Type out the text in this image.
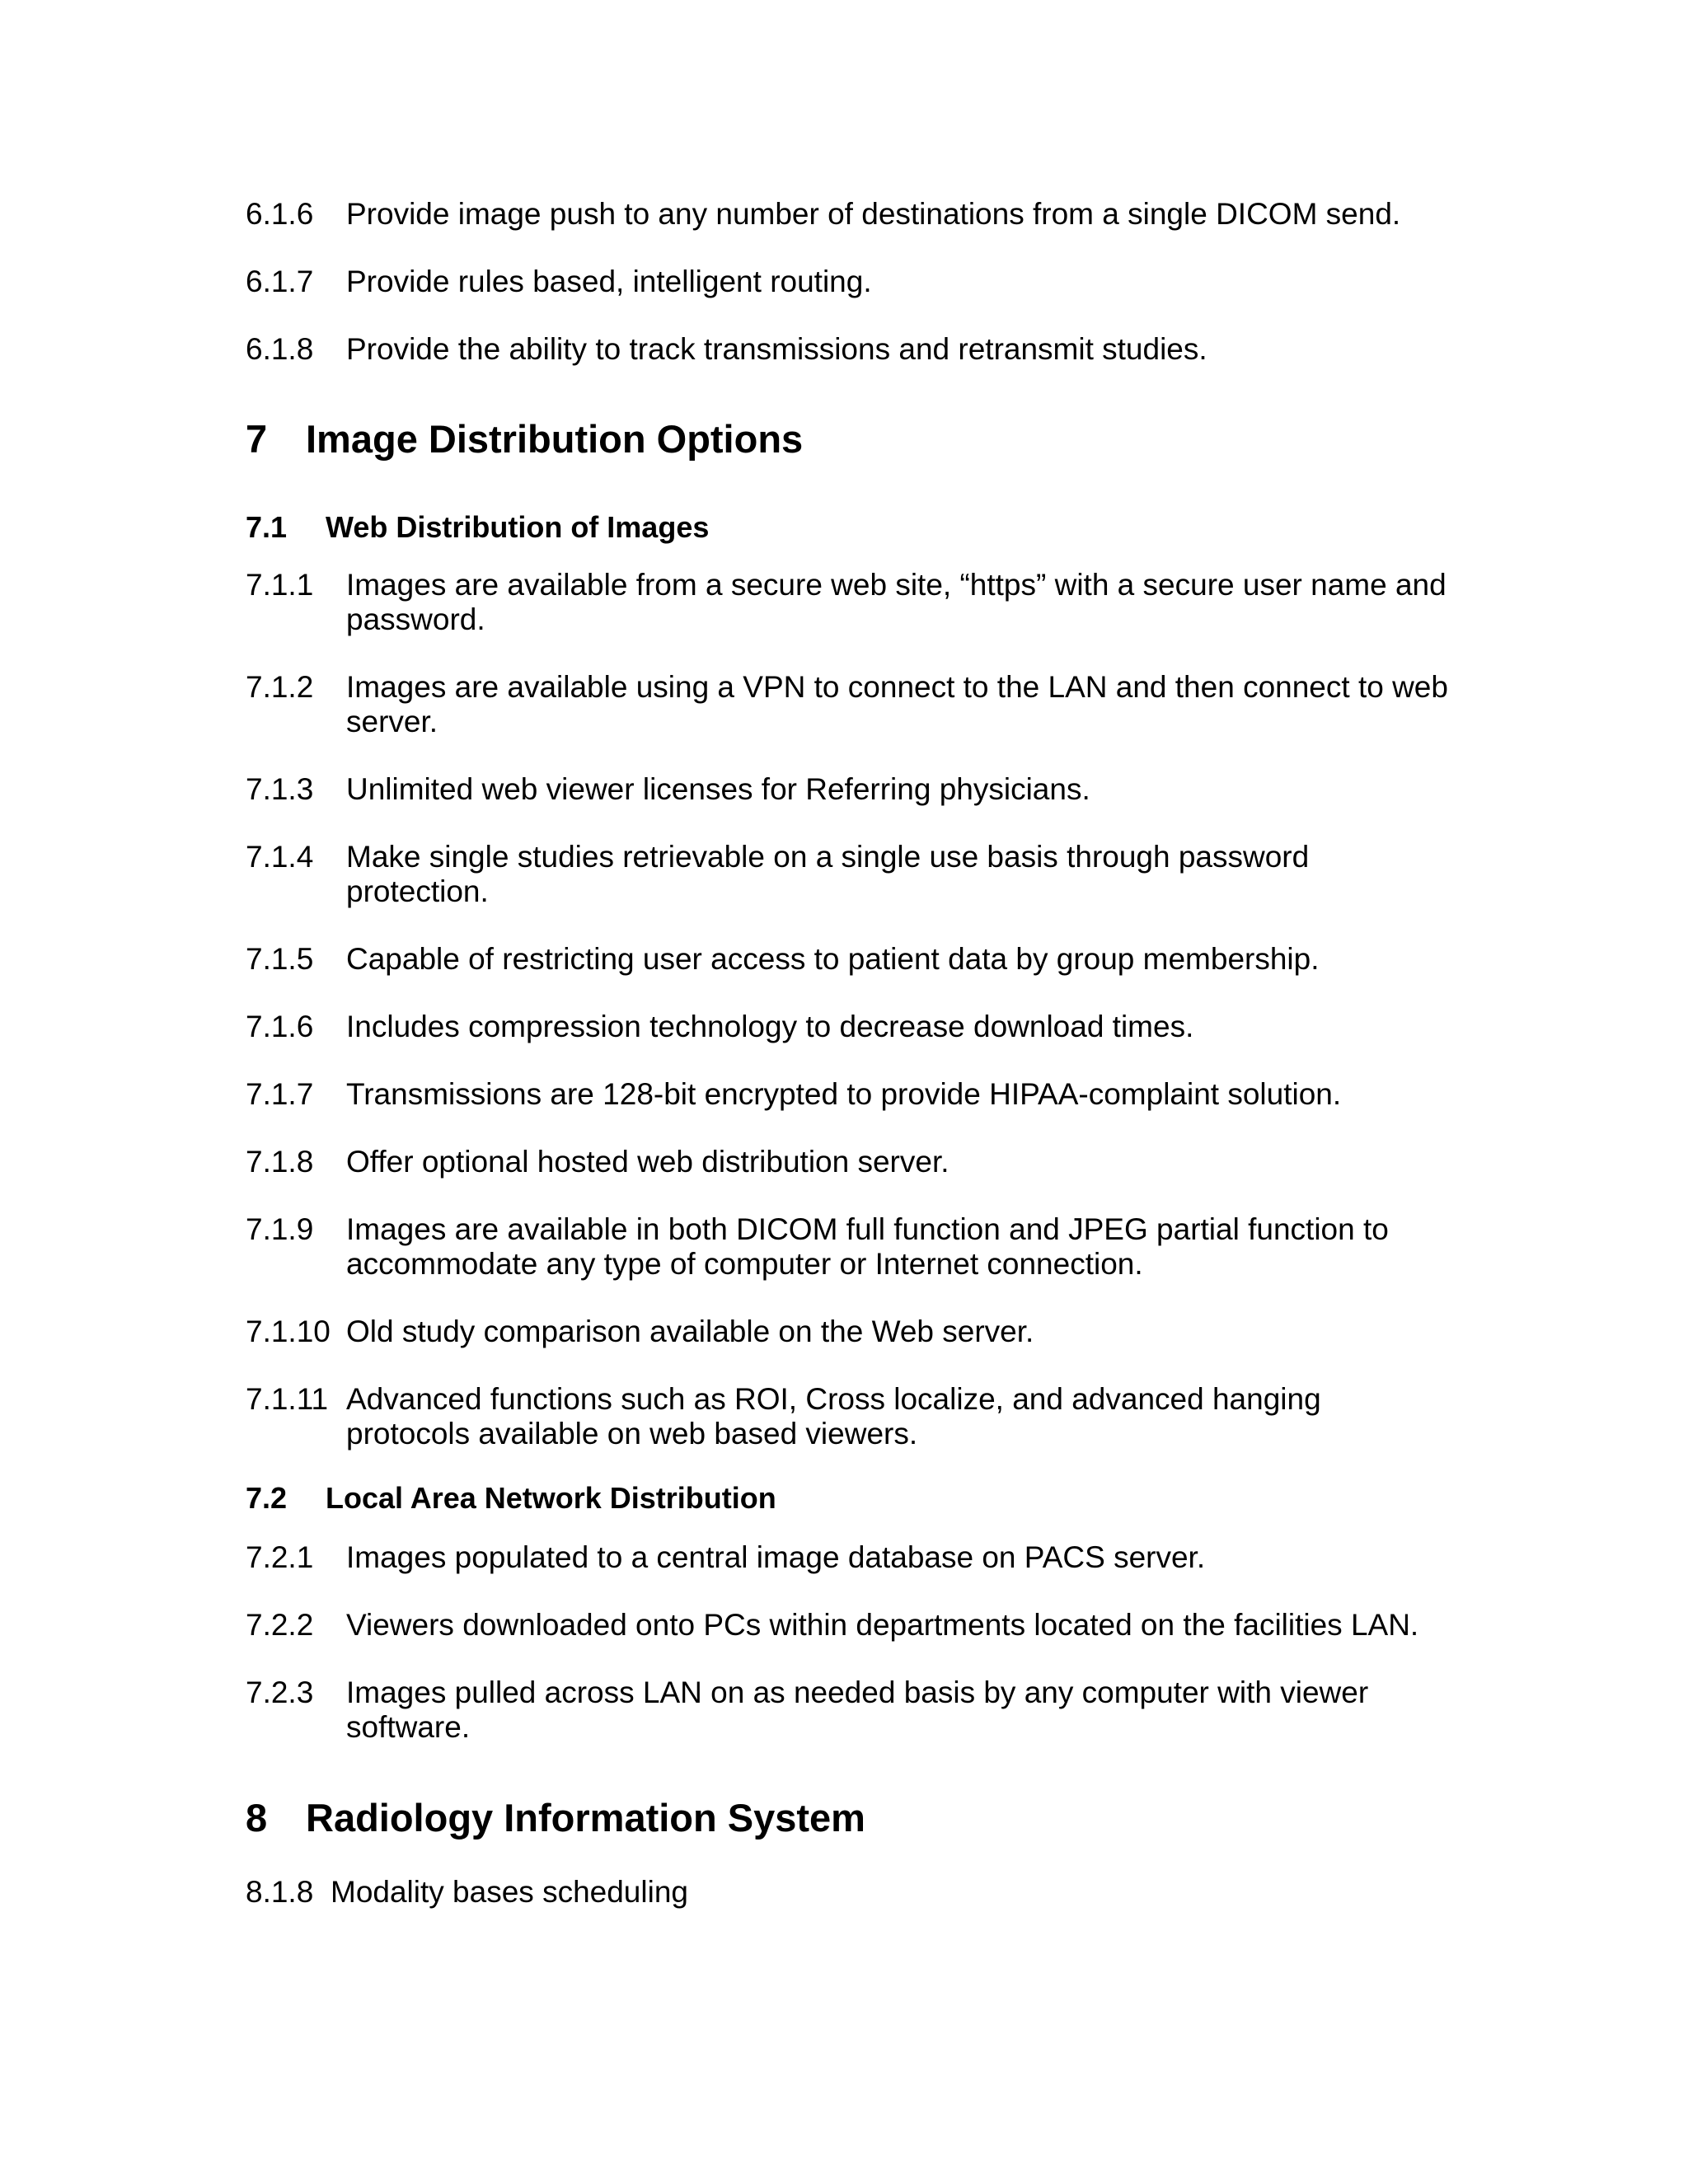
6.1.6 Provide image push to any number of destinations from a single DICOM send.
6.1.7 Provide rules based, intelligent routing.
6.1.8 Provide the ability to track transmissions and retransmit studies.
7 Image Distribution Options
7.1 Web Distribution of Images
7.1.1 Images are available from a secure web site, “https” with a secure user name and password.
7.1.2 Images are available using a VPN to connect to the LAN and then connect to web server.
7.1.3 Unlimited web viewer licenses for Referring physicians.
7.1.4 Make single studies retrievable on a single use basis through password protection.
7.1.5 Capable of restricting user access to patient data by group membership.
7.1.6 Includes compression technology to decrease download times.
7.1.7 Transmissions are 128-bit encrypted to provide HIPAA-complaint solution.
7.1.8 Offer optional hosted web distribution server.
7.1.9 Images are available in both DICOM full function and JPEG partial function to accommodate any type of computer or Internet connection.
7.1.10 Old study comparison available on the Web server.
7.1.11 Advanced functions such as ROI, Cross localize, and advanced hanging protocols available on web based viewers.
7.2 Local Area Network Distribution
7.2.1 Images populated to a central image database on PACS server.
7.2.2 Viewers downloaded onto PCs within departments located on the facilities LAN.
7.2.3 Images pulled across LAN on as needed basis by any computer with viewer software.
8 Radiology Information System
8.1.8 Modality bases scheduling
